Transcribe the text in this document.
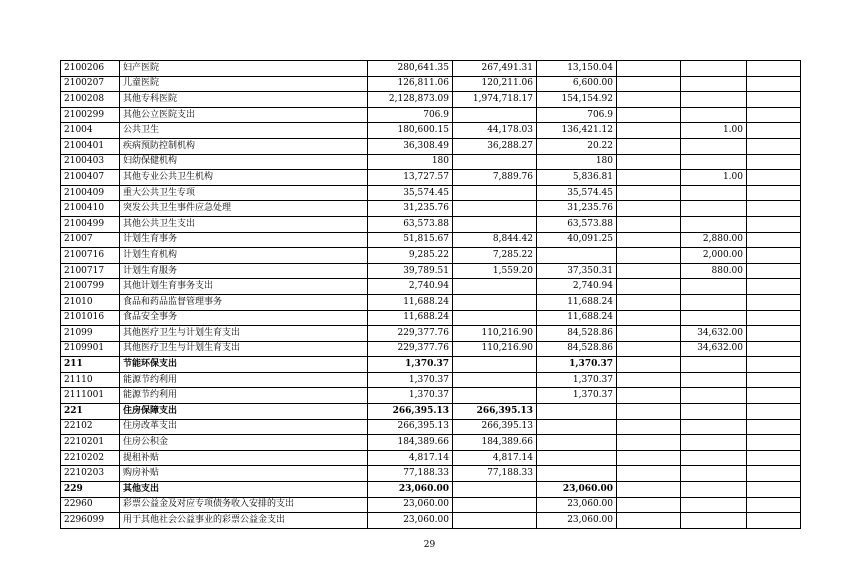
2100206	妇产医院	280,641.35	267,491.31	13,150.04			
2100207	儿童医院	126,811.06	120,211.06	6,600.00			
2100208	其他专科医院	2,128,873.09	1,974,718.17	154,154.92			
2100299	其他公立医院支出	706.9		706.9			
21004	公共卫生	180,600.15	44,178.03	136,421.12		1.00	
2100401	疾病预防控制机构	36,308.49	36,288.27	20.22			
2100403	妇幼保健机构	180		180			
2100407	其他专业公共卫生机构	13,727.57	7,889.76	5,836.81		1.00	
2100409	重大公共卫生专项	35,574.45		35,574.45			
2100410	突发公共卫生事件应急处理	31,235.76		31,235.76			
2100499	其他公共卫生支出	63,573.88		63,573.88			
21007	计划生育事务	51,815.67	8,844.42	40,091.25		2,880.00	
2100716	计划生育机构	9,285.22	7,285.22			2,000.00	
2100717	计划生育服务	39,789.51	1,559.20	37,350.31		880.00	
2100799	其他计划生育事务支出	2,740.94		2,740.94			
21010	食品和药品监督管理事务	11,688.24		11,688.24			
2101016	食品安全事务	11,688.24		11,688.24			
21099	其他医疗卫生与计划生育支出	229,377.76	110,216.90	84,528.86		34,632.00	
2109901	其他医疗卫生与计划生育支出	229,377.76	110,216.90	84,528.86		34,632.00	
211	节能环保支出	1,370.37		1,370.37			
21110	能源节约利用	1,370.37		1,370.37			
2111001	能源节约利用	1,370.37		1,370.37			
221	住房保障支出	266,395.13	266,395.13				
22102	住房改革支出	266,395.13	266,395.13				
2210201	住房公积金	184,389.66	184,389.66				
2210202	提租补贴	4,817.14	4,817.14				
2210203	购房补贴	77,188.33	77,188.33				
229	其他支出	23,060.00		23,060.00			
22960	彩票公益金及对应专项债务收入安排的支出	23,060.00		23,060.00			
2296099	用于其他社会公益事业的彩票公益金支出	23,060.00		23,060.00			
29
